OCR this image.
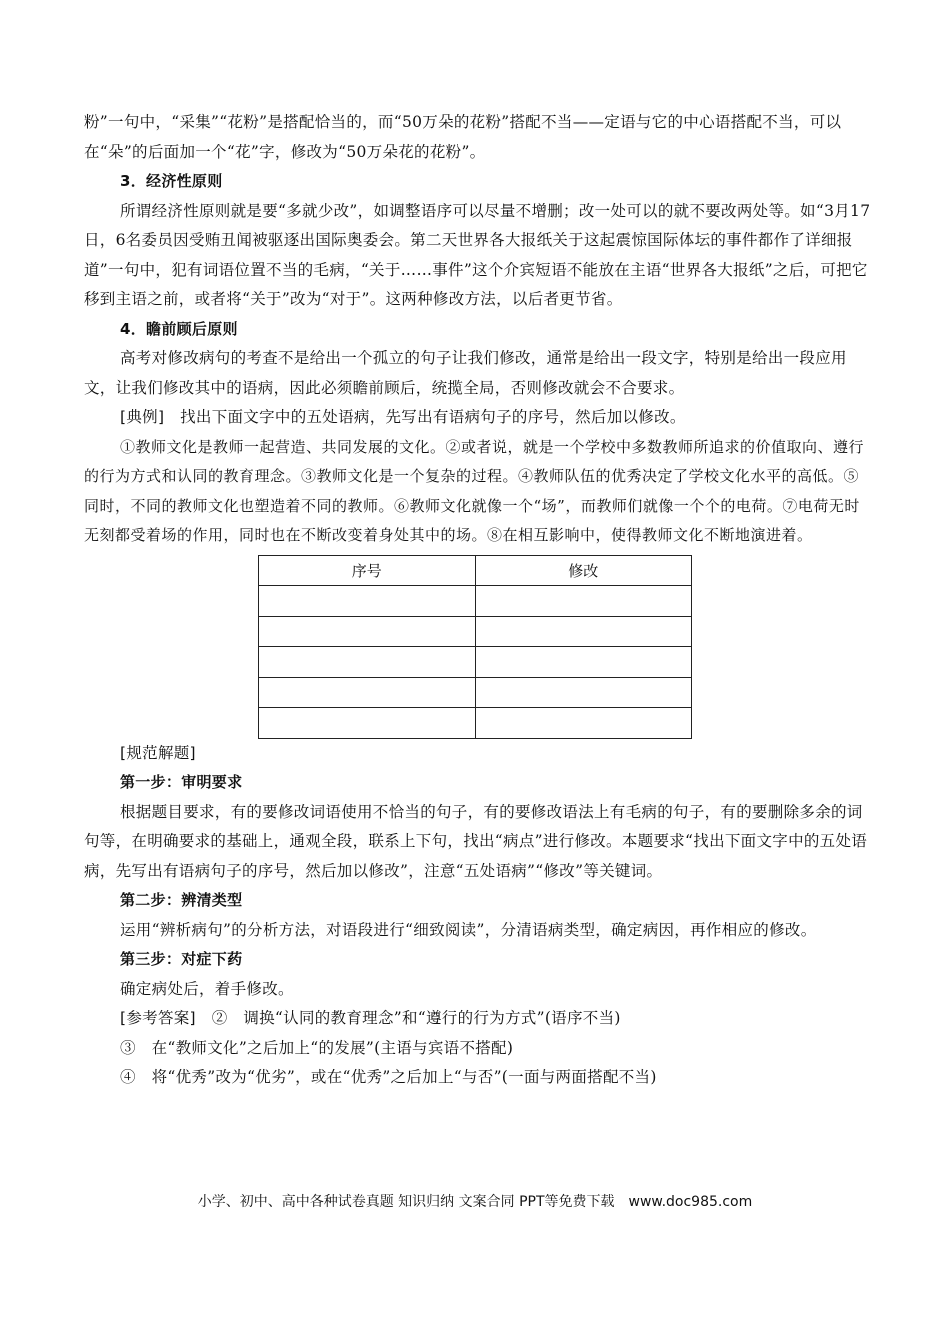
粉”一句中，“采集”“花粉”是搭配恰当的，而“50万朵的花粉”搭配不当——定语与它的中心语搭配不当，可以在“朵”的后面加一个“花”字，修改为“50万朵花的花粉”。

3．经济性原则

所谓经济性原则就是要“多就少改”，如调整语序可以尽量不增删；改一处可以的就不要改两处等。如“3月17日，6名委员因受贿丑闻被驱逐出国际奥委会。第二天世界各大报纸关于这起震惊国际体坛的事件都作了详细报道”一句中，犯有词语位置不当的毛病，“关于……事件”这个介宾短语不能放在主语“世界各大报纸”之后，可把它移到主语之前，或者将“关于”改为“对于”。这两种修改方法，以后者更节省。

4．瞻前顾后原则

高考对修改病句的考查不是给出一个孤立的句子让我们修改，通常是给出一段文字，特别是给出一段应用文，让我们修改其中的语病，因此必须瞻前顾后，统揽全局，否则修改就会不合要求。

[典例]　 找出下面文字中的五处语病，先写出有语病句子的序号，然后加以修改。

①教师文化是教师一起营造、共同发展的文化。②或者说，就是一个学校中多数教师所追求的价值取向、遵行的行为方式和认同的教育理念。③教师文化是一个复杂的过程。④教师队伍的优秀决定了学校文化水平的高低。⑤同时，不同的教师文化也塑造着不同的教师。⑥教师文化就像一个“场”，而教师们就像一个个的电荷。⑦电荷无时无刻都受着场的作用，同时也在不断改变着身处其中的场。⑧在相互影响中，使得教师文化不断地演进着。

序号	修改

[规范解题]

第一步：审明要求

根据题目要求，有的要修改词语使用不恰当的句子，有的要修改语法上有毛病的句子，有的要删除多余的词句等，在明确要求的基础上，通观全段，联系上下句，找出“病点”进行修改。本题要求“找出下面文字中的五处语病，先写出有语病句子的序号，然后加以修改”，注意“五处语病”“修改”等关键词。

第二步：辨清类型

运用“辨析病句”的分析方法，对语段进行“细致阅读”，分清语病类型，确定病因，再作相应的修改。

第三步：对症下药

确定病处后，着手修改。

[参考答案]　 ②　调换“认同的教育理念”和“遵行的行为方式”(语序不当)

③　在“教师文化”之后加上“的发展”(主语与宾语不搭配)

④　将“优秀”改为“优劣”，或在“优秀”之后加上“与否”(一面与两面搭配不当)

小学、初中、高中各种试卷真题 知识归纳 文案合同 PPT等免费下载　www.doc985.com
